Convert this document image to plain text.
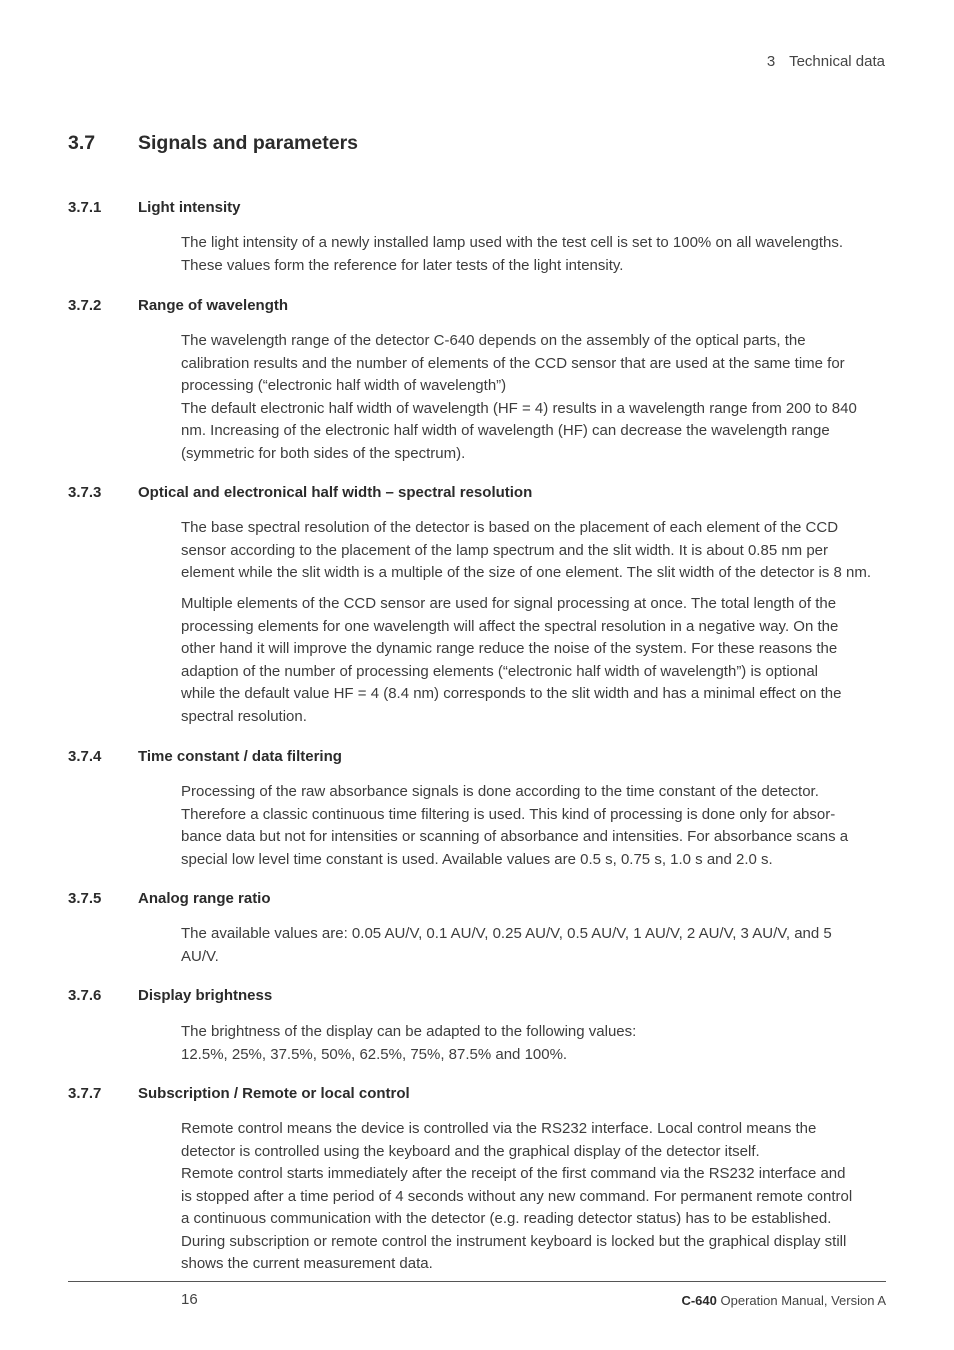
3 Technical data
3.7 Signals and parameters
3.7.1 Light intensity

The light intensity of a newly installed lamp used with the test cell is set to 100% on all wavelengths.

These values form the reference for later tests of the light intensity.

3.7.2 Range of wavelength

The wavelength range of the detector C-640 depends on the assembly of the optical parts, the

calibration results and the number of elements of the CCD sensor that are used at the same time for

processing (“electronic half width of wavelength”)

The default electronic half width of wavelength (HF = 4) results in a wavelength range from 200 to 840

nm. Increasing of the electronic half width of wavelength (HF) can decrease the wavelength range

(symmetric for both sides of the spectrum).

3.7.3 Optical and electronical half width – spectral resolution

The base spectral resolution of the detector is based on the placement of each element of the CCD

sensor according to the placement of the lamp spectrum and the slit width. It is about 0.85 nm per

element while the slit width is a multiple of the size of one element. The slit width of the detector is 8 nm.

Multiple elements of the CCD sensor are used for signal processing at once. The total length of the

processing elements for one wavelength will affect the spectral resolution in a negative way. On the

other hand it will improve the dynamic range reduce the noise of the system. For these reasons the

adaption of the number of processing elements (“electronic half width of wavelength”) is optional

while the default value HF = 4 (8.4 nm) corresponds to the slit width and has a minimal effect on the

spectral resolution.

3.7.4 Time constant / data filtering

Processing of the raw absorbance signals is done according to the time constant of the detector.

Therefore a classic continuous time filtering is used. This kind of processing is done only for absor-

bance data but not for intensities or scanning of absorbance and intensities. For absorbance scans a

special low level time constant is used. Available values are 0.5 s, 0.75 s, 1.0 s and 2.0 s.

3.7.5 Analog range ratio

The available values are: 0.05 AU/V, 0.1 AU/V, 0.25 AU/V, 0.5 AU/V, 1 AU/V, 2 AU/V, 3 AU/V, and 5

AU/V.

3.7.6 Display brightness

The brightness of the display can be adapted to the following values:

12.5%, 25%, 37.5%, 50%, 62.5%, 75%, 87.5% and 100%.

3.7.7 Subscription / Remote or local control

Remote control means the device is controlled via the RS232 interface. Local control means the

detector is controlled using the keyboard and the graphical display of the detector itself.

Remote control starts immediately after the receipt of the first command via the RS232 interface and

is stopped after a time period of 4 seconds without any new command. For permanent remote control

a continuous communication with the detector (e.g. reading detector status) has to be established.

During subscription or remote control the instrument keyboard is locked but the graphical display still

shows the current measurement data.

16	C-640 Operation Manual, Version A
